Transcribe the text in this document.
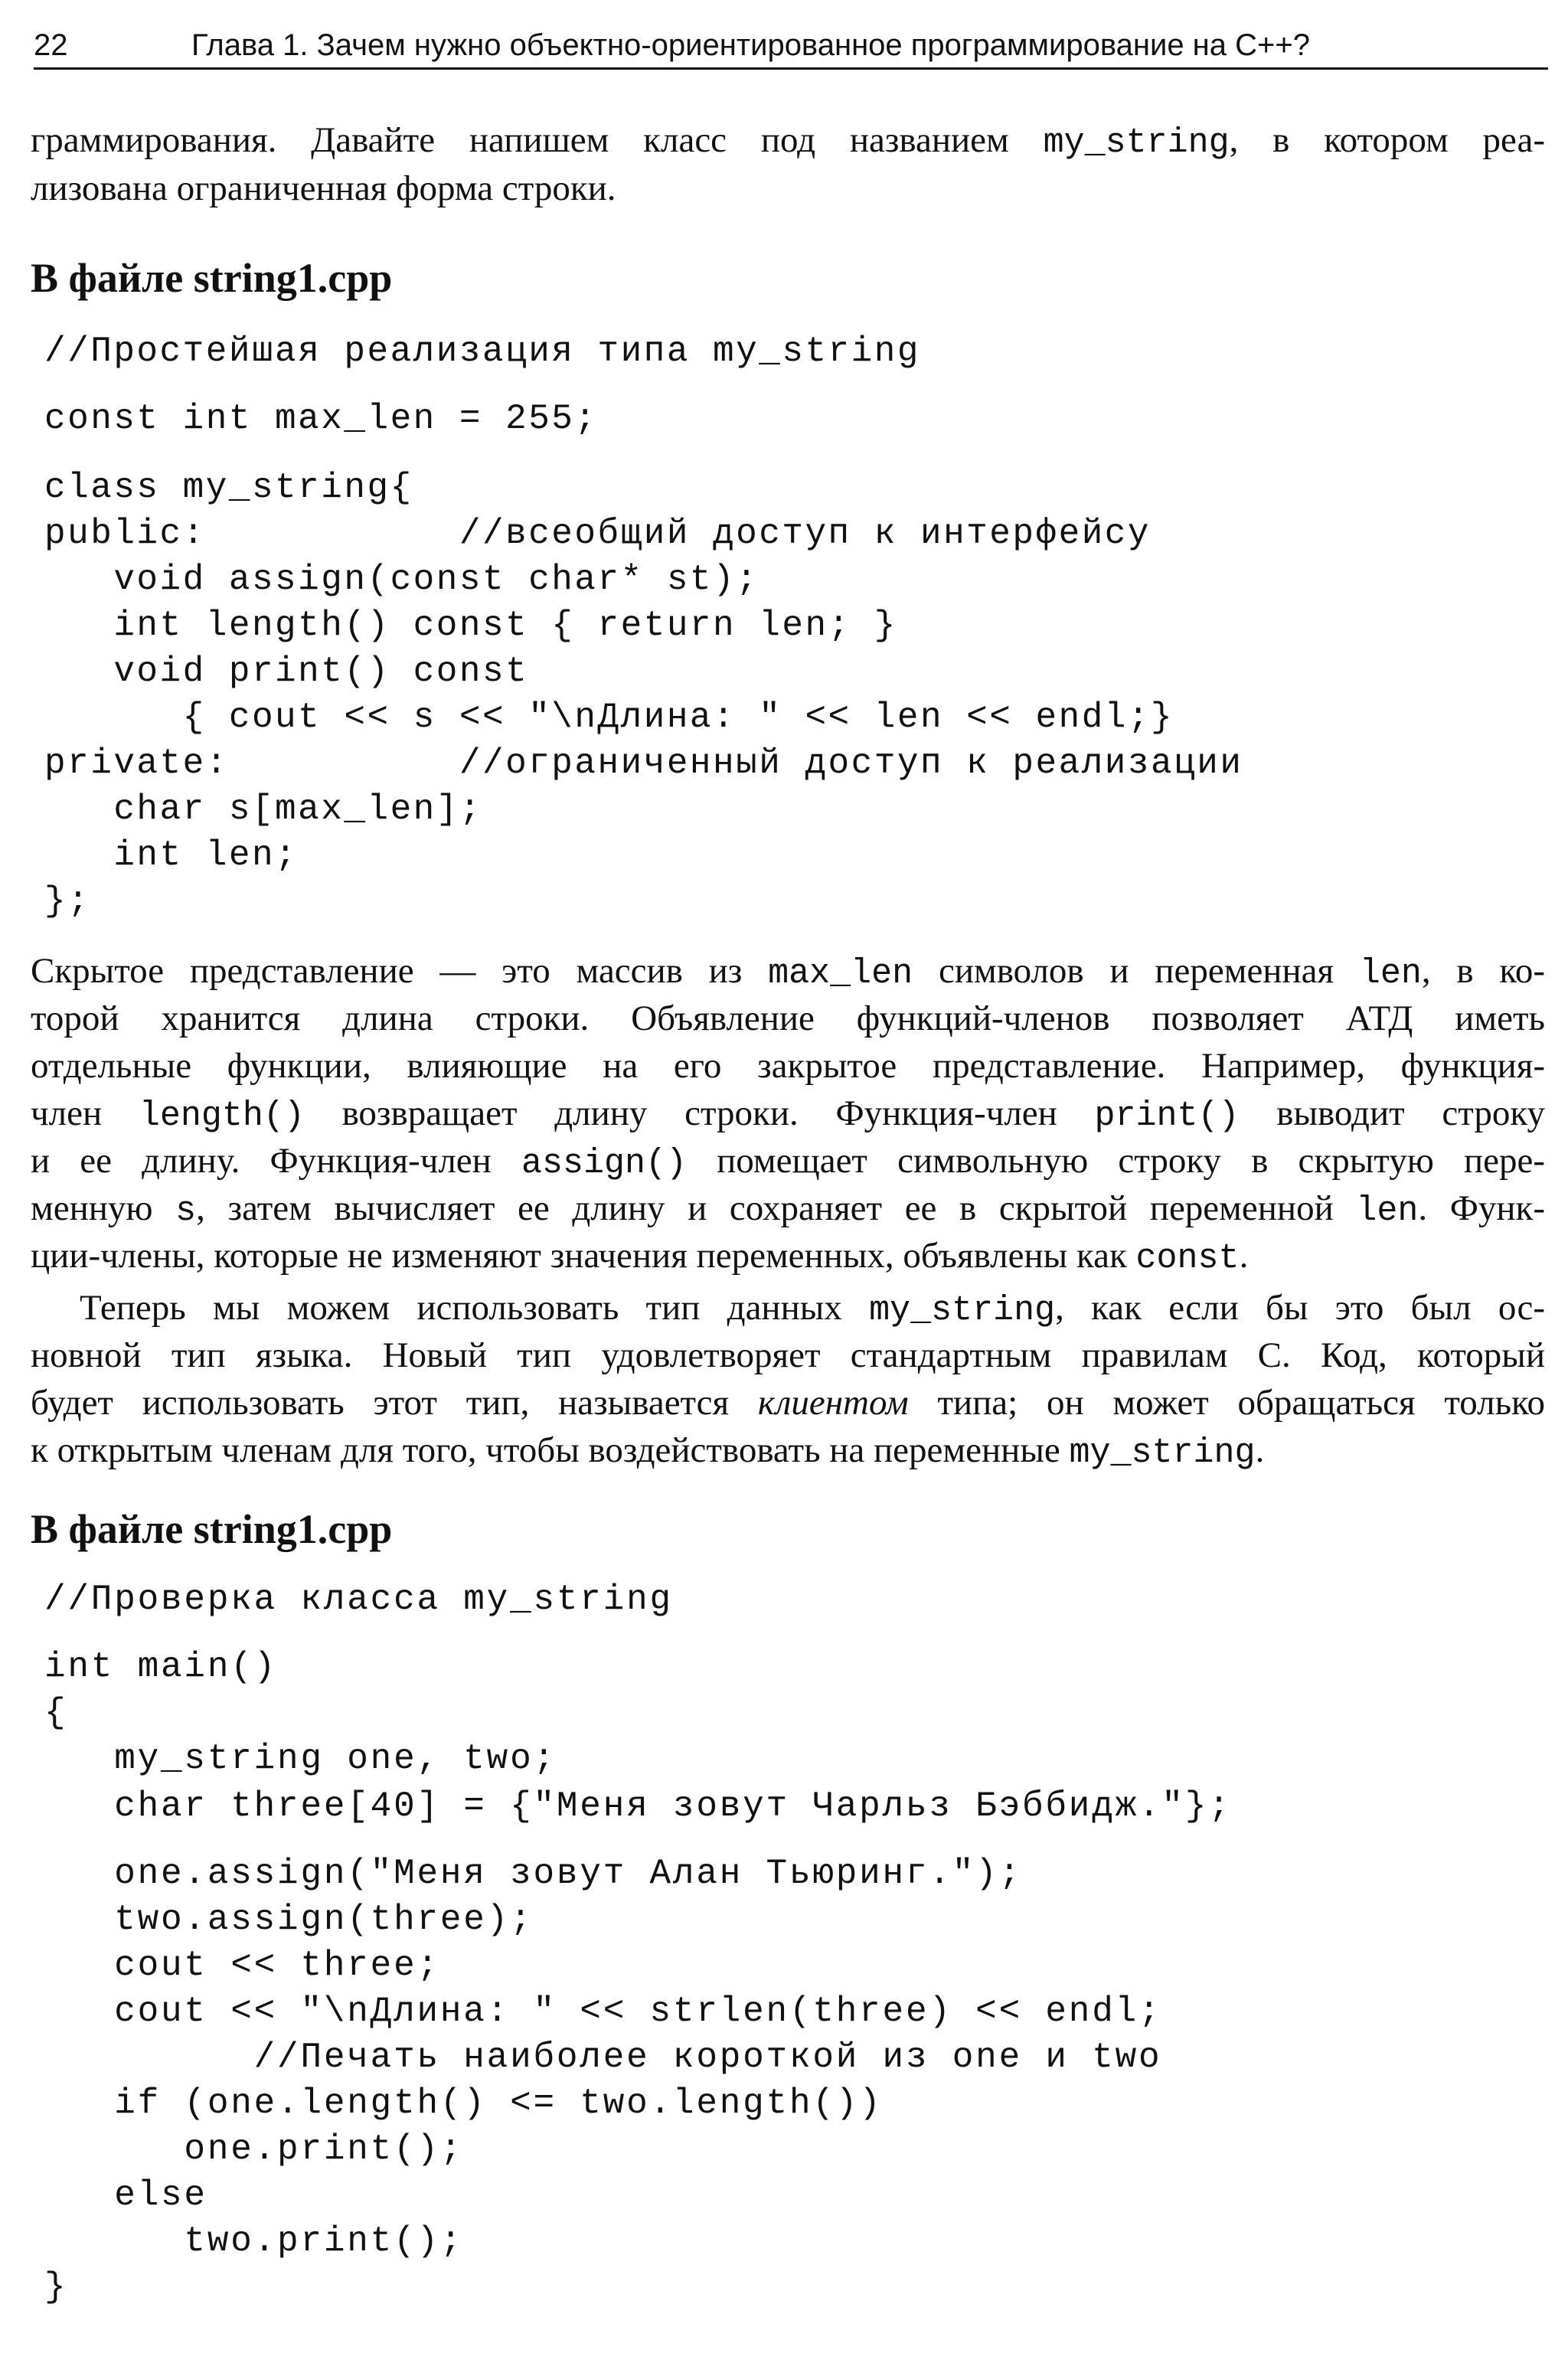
22	Глава 1. Зачем нужно объектно-ориентированное программирование на С++?
граммирования. Давайте напишем класс под названием my_string, в котором реа-
лизована ограниченная форма строки.
В файле string1.cpp
//Простейшая реализация типа my_string
const int max_len = 255;
class my_string{
public:           //всеобщий доступ к интерфейсу
void assign(const char* st);
int length() const { return len; }
void print() const
{ cout << s << "\nДлина: " << len << endl;}
private:          //ограниченный доступ к реализации
char s[max_len];
int len;
};
Скрытое представление — это массив из max_len символов и переменная len, в ко-
торой хранится длина строки. Объявление функций-членов позволяет АТД иметь
отдельные функции, влияющие на его закрытое представление. Например, функция-
член length() возвращает длину строки. Функция-член print() выводит строку
и ее длину. Функция-член assign() помещает символьную строку в скрытую пере-
менную s, затем вычисляет ее длину и сохраняет ее в скрытой переменной len. Функ-
ции-члены, которые не изменяют значения переменных, объявлены как const.
Теперь мы можем использовать тип данных my_string, как если бы это был ос-
новной тип языка. Новый тип удовлетворяет стандартным правилам С. Код, который
будет использовать этот тип, называется клиентом типа; он может обращаться только
к открытым членам для того, чтобы воздействовать на переменные my_string.
В файле string1.cpp
//Проверка класса my_string
int main()
{
my_string one, two;
char three[40] = {"Меня зовут Чарльз Бэббидж."};
one.assign("Меня зовут Алан Тьюринг.");
two.assign(three);
cout << three;
cout << "\nДлина: " << strlen(three) << endl;
//Печать наиболее короткой из one и two
if (one.length() <= two.length())
one.print();
else
two.print();
}
